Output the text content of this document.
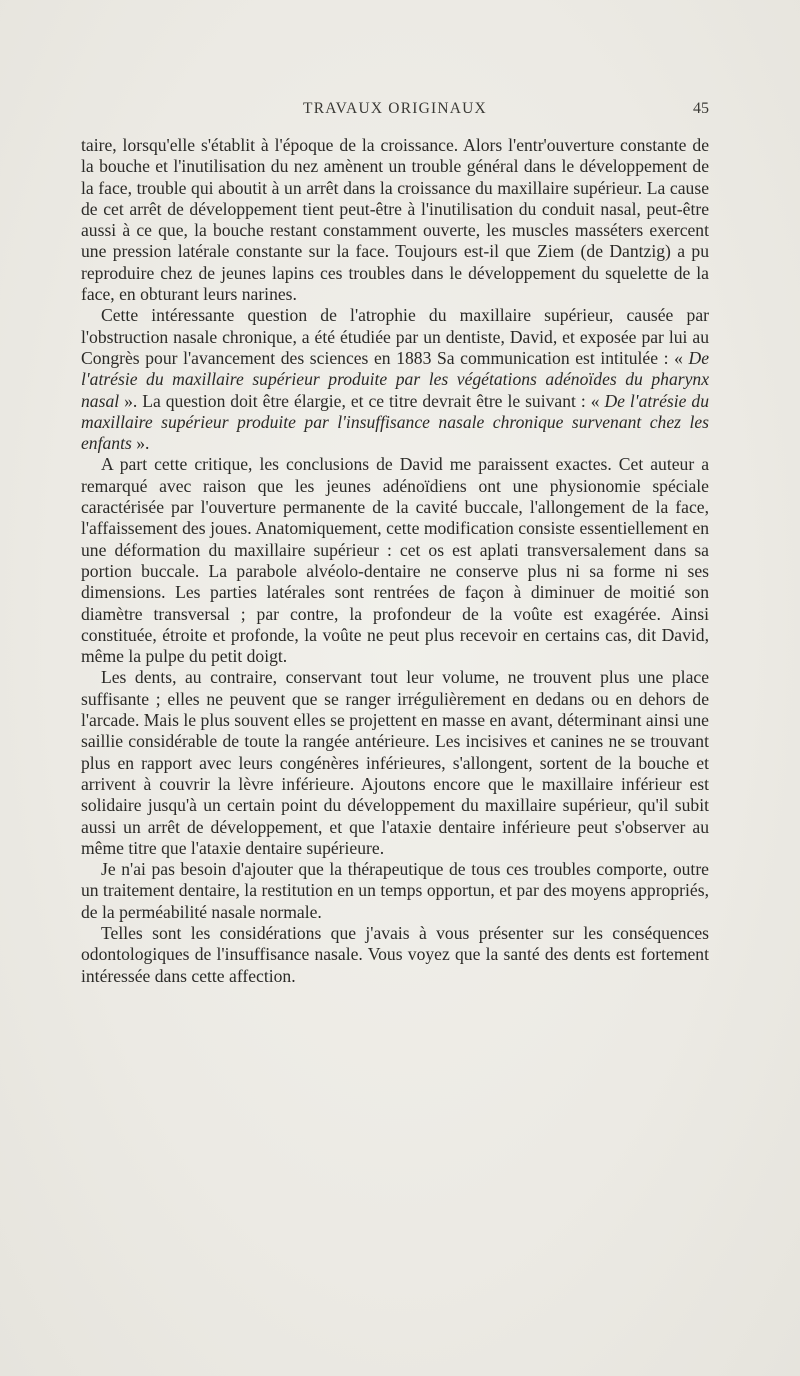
TRAVAUX ORIGINAUX	45

taire, lorsqu'elle s'établit à l'époque de la croissance. Alors l'entr'ouverture constante de la bouche et l'inutilisation du nez amènent un trouble général dans le développement de la face, trouble qui aboutit à un arrêt dans la croissance du maxillaire supérieur. La cause de cet arrêt de développement tient peut-être à l'inutilisation du conduit nasal, peut-être aussi à ce que, la bouche restant constamment ouverte, les muscles masséters exercent une pression latérale constante sur la face. Toujours est-il que Ziem (de Dantzig) a pu reproduire chez de jeunes lapins ces troubles dans le développement du squelette de la face, en obturant leurs narines.

Cette intéressante question de l'atrophie du maxillaire supérieur, causée par l'obstruction nasale chronique, a été étudiée par un dentiste, David, et exposée par lui au Congrès pour l'avancement des sciences en 1883 Sa communication est intitulée : « De l'atrésie du maxillaire supérieur produite par les végétations adénoïdes du pharynx nasal ». La question doit être élargie, et ce titre devrait être le suivant : « De l'atrésie du maxillaire supérieur produite par l'insuffisance nasale chronique survenant chez les enfants ».

A part cette critique, les conclusions de David me paraissent exactes. Cet auteur a remarqué avec raison que les jeunes adénoïdiens ont une physionomie spéciale caractérisée par l'ouverture permanente de la cavité buccale, l'allongement de la face, l'affaissement des joues. Anatomiquement, cette modification consiste essentiellement en une déformation du maxillaire supérieur : cet os est aplati transversalement dans sa portion buccale. La parabole alvéolo-dentaire ne conserve plus ni sa forme ni ses dimensions. Les parties latérales sont rentrées de façon à diminuer de moitié son diamètre transversal ; par contre, la profondeur de la voûte est exagérée. Ainsi constituée, étroite et profonde, la voûte ne peut plus recevoir en certains cas, dit David, même la pulpe du petit doigt.

Les dents, au contraire, conservant tout leur volume, ne trouvent plus une place suffisante ; elles ne peuvent que se ranger irrégulièrement en dedans ou en dehors de l'arcade. Mais le plus souvent elles se projettent en masse en avant, déterminant ainsi une saillie considérable de toute la rangée antérieure. Les incisives et canines ne se trouvant plus en rapport avec leurs congénères inférieures, s'allongent, sortent de la bouche et arrivent à couvrir la lèvre inférieure. Ajoutons encore que le maxillaire inférieur est solidaire jusqu'à un certain point du développement du maxillaire supérieur, qu'il subit aussi un arrêt de développement, et que l'ataxie dentaire inférieure peut s'observer au même titre que l'ataxie dentaire supérieure.

Je n'ai pas besoin d'ajouter que la thérapeutique de tous ces troubles comporte, outre un traitement dentaire, la restitution en un temps opportun, et par des moyens appropriés, de la perméabilité nasale normale.

Telles sont les considérations que j'avais à vous présenter sur les conséquences odontologiques de l'insuffisance nasale. Vous voyez que la santé des dents est fortement intéressée dans cette affection.
